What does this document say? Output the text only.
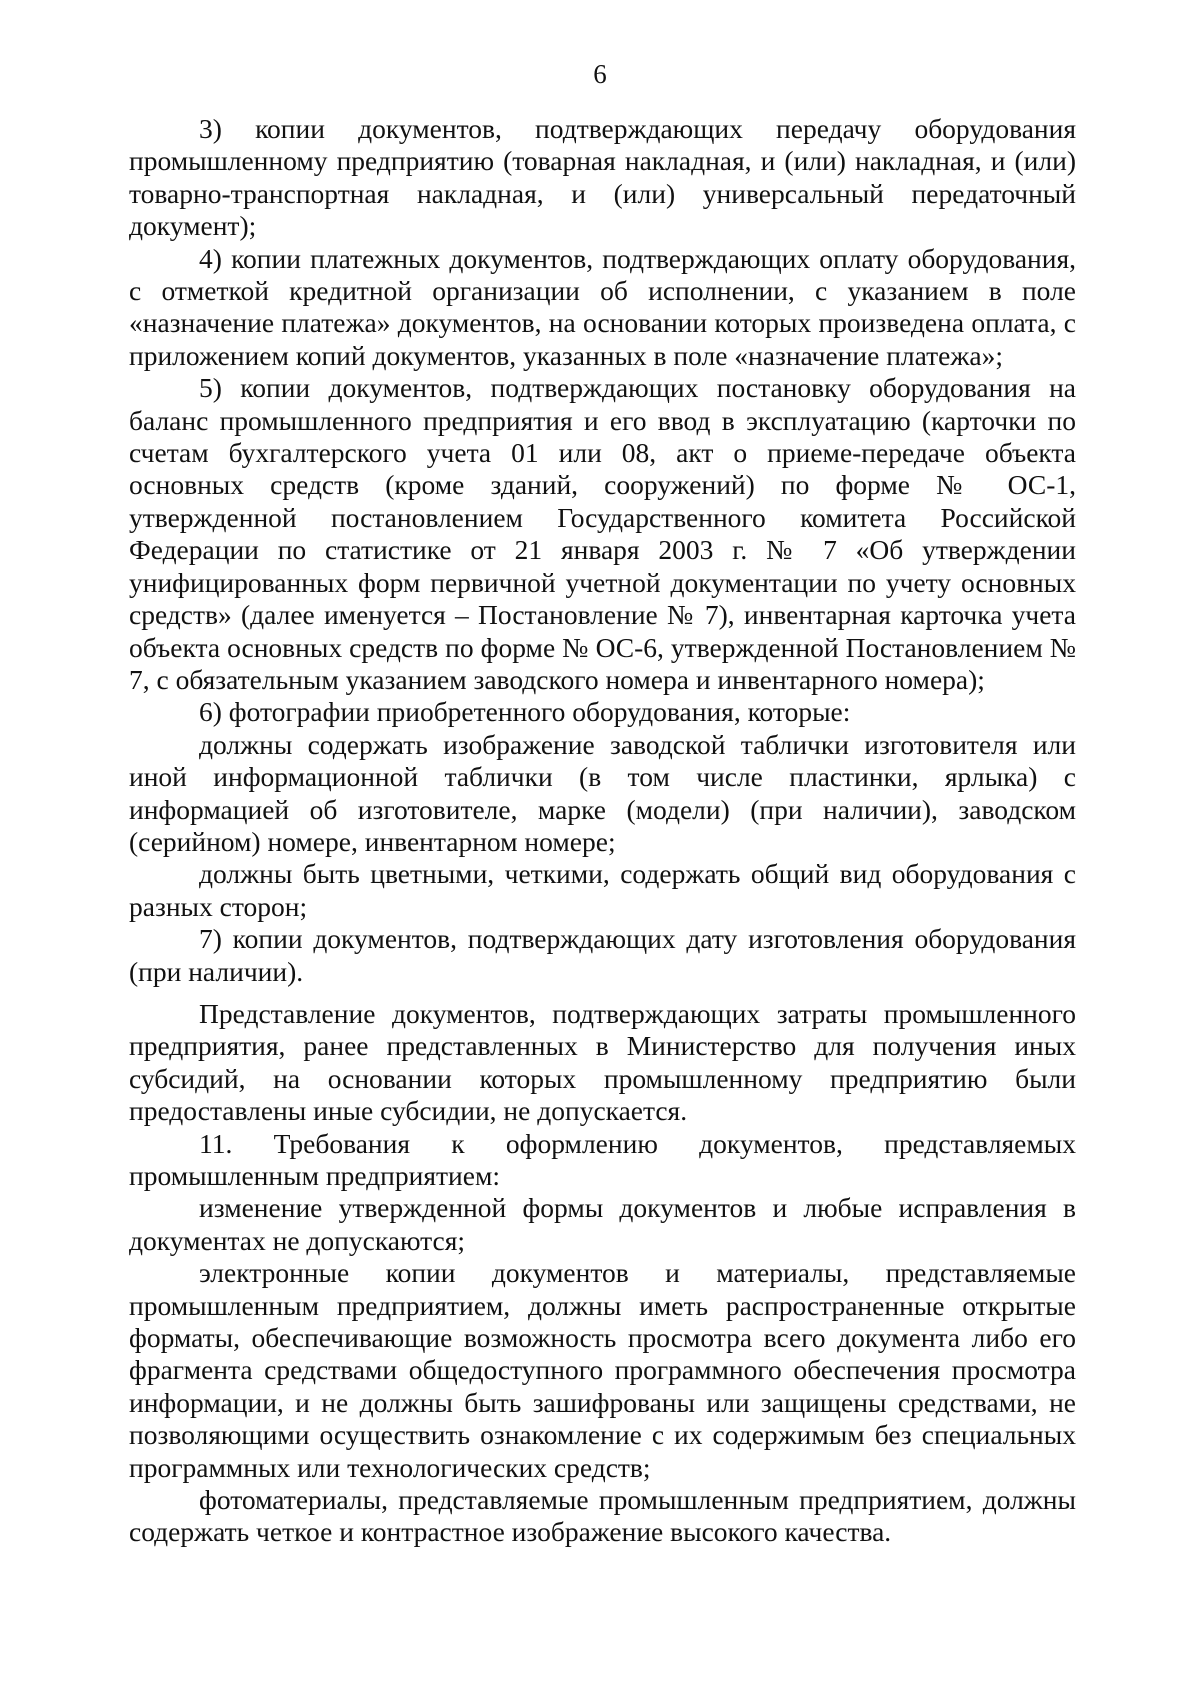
6

3) копии документов, подтверждающих передачу оборудования промышленному предприятию (товарная накладная, и (или) накладная, и (или) товарно-транспортная накладная, и (или) универсальный передаточный документ);

4) копии платежных документов, подтверждающих оплату оборудования, с отметкой кредитной организации об исполнении, с указанием в поле «назначение платежа» документов, на основании которых произведена оплата, с приложением копий документов, указанных в поле «назначение платежа»;

5) копии документов, подтверждающих постановку оборудования на баланс промышленного предприятия и его ввод в эксплуатацию (карточки по счетам бухгалтерского учета 01 или 08, акт о приеме-передаче объекта основных средств (кроме зданий, сооружений) по форме № ОС-1, утвержденной постановлением Государственного комитета Российской Федерации по статистике от 21 января 2003 г. № 7 «Об утверждении унифицированных форм первичной учетной документации по учету основных средств» (далее именуется – Постановление № 7), инвентарная карточка учета объекта основных средств по форме № ОС-6, утвержденной Постановлением № 7, с обязательным указанием заводского номера и инвентарного номера);

6) фотографии приобретенного оборудования, которые:

должны содержать изображение заводской таблички изготовителя или иной информационной таблички (в том числе пластинки, ярлыка) с информацией об изготовителе, марке (модели) (при наличии), заводском (серийном) номере, инвентарном номере;

должны быть цветными, четкими, содержать общий вид оборудования с разных сторон;

7) копии документов, подтверждающих дату изготовления оборудования (при наличии).

Представление документов, подтверждающих затраты промышленного предприятия, ранее представленных в Министерство для получения иных субсидий, на основании которых промышленному предприятию были предоставлены иные субсидии, не допускается.

11. Требования к оформлению документов, представляемых промышленным предприятием:

изменение утвержденной формы документов и любые исправления в документах не допускаются;

электронные копии документов и материалы, представляемые промышленным предприятием, должны иметь распространенные открытые форматы, обеспечивающие возможность просмотра всего документа либо его фрагмента средствами общедоступного программного обеспечения просмотра информации, и не должны быть зашифрованы или защищены средствами, не позволяющими осуществить ознакомление с их содержимым без специальных программных или технологических средств;

фотоматериалы, представляемые промышленным предприятием, должны содержать четкое и контрастное изображение высокого качества.
